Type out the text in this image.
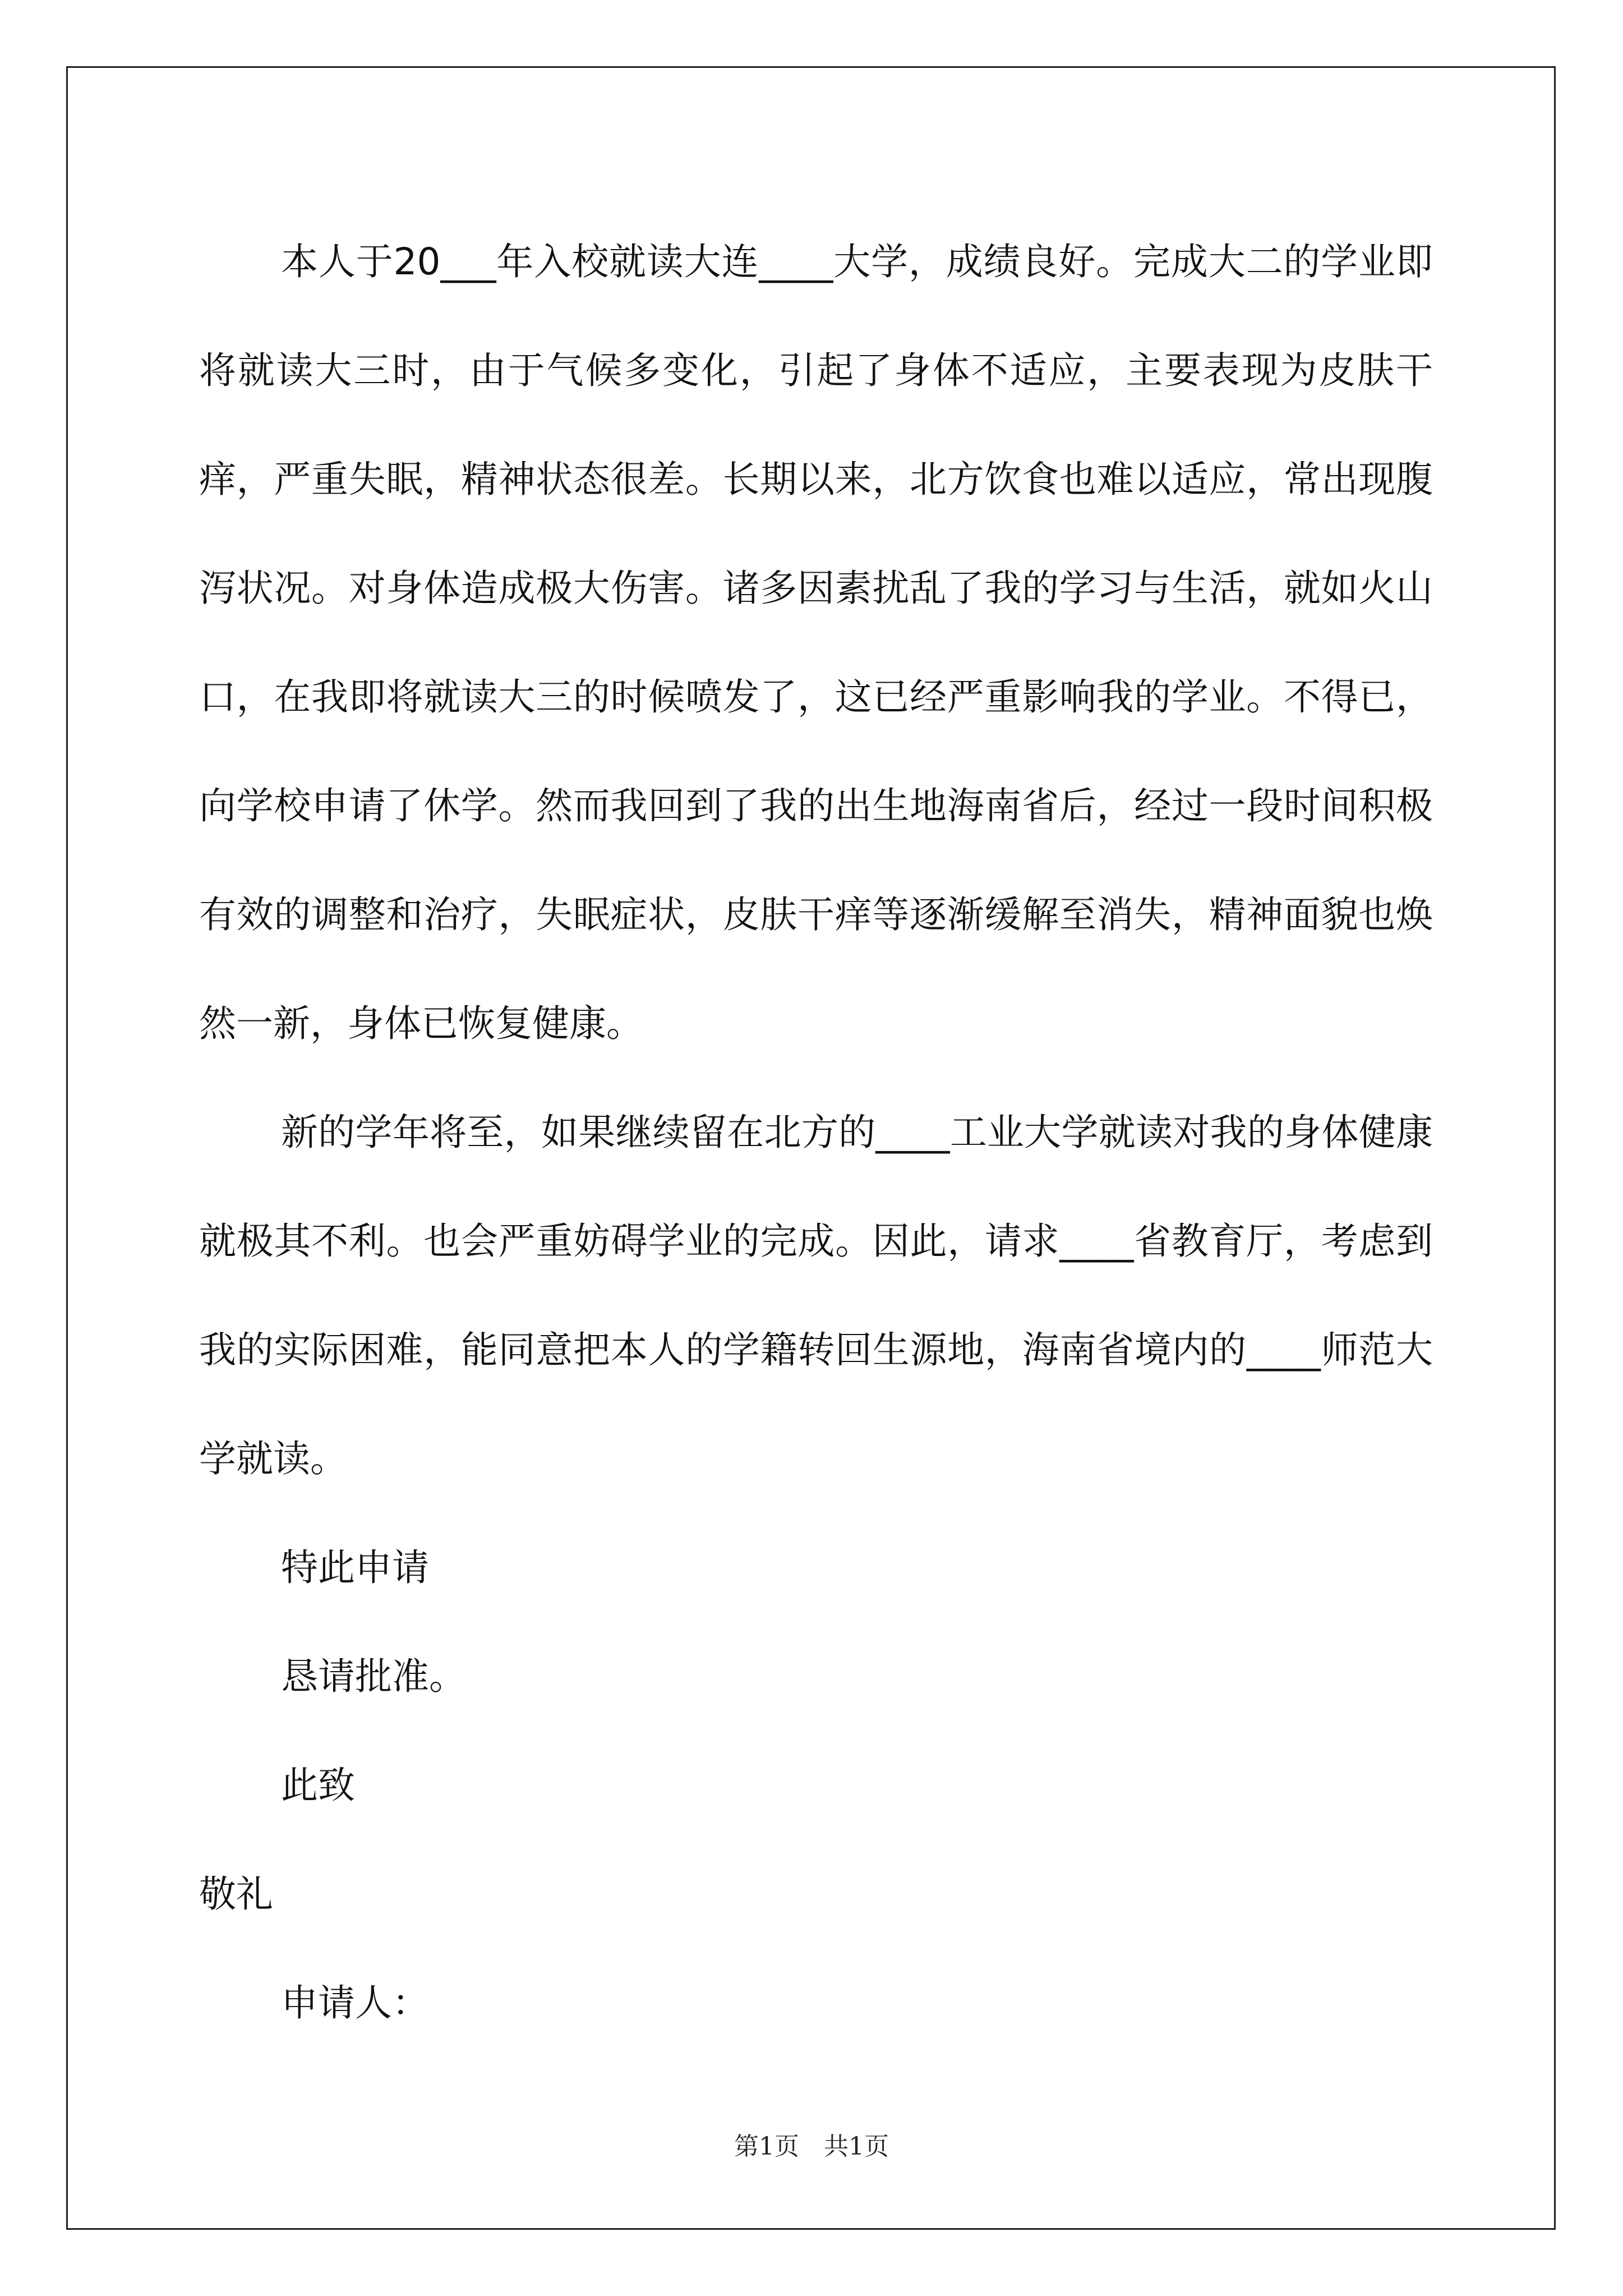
本人于20___年入校就读大连____大学，成绩良好。完成大二的学业即将就读大三时，由于气候多变化，引起了身体不适应，主要表现为皮肤干痒，严重失眠，精神状态很差。长期以来，北方饮食也难以适应，常出现腹泻状况。对身体造成极大伤害。诸多因素扰乱了我的学习与生活，就如火山口，在我即将就读大三的时候喷发了，这已经严重影响我的学业。不得已，向学校申请了休学。然而我回到了我的出生地海南省后，经过一段时间积极有效的调整和治疗，失眠症状，皮肤干痒等逐渐缓解至消失，精神面貌也焕然一新，身体已恢复健康。

新的学年将至，如果继续留在北方的____工业大学就读对我的身体健康就极其不利。也会严重妨碍学业的完成。因此，请求____省教育厅，考虑到我的实际困难，能同意把本人的学籍转回生源地，海南省境内的____师范大学就读。

特此申请

恳请批准。

此致

敬礼

申请人：

第1页　共1页
